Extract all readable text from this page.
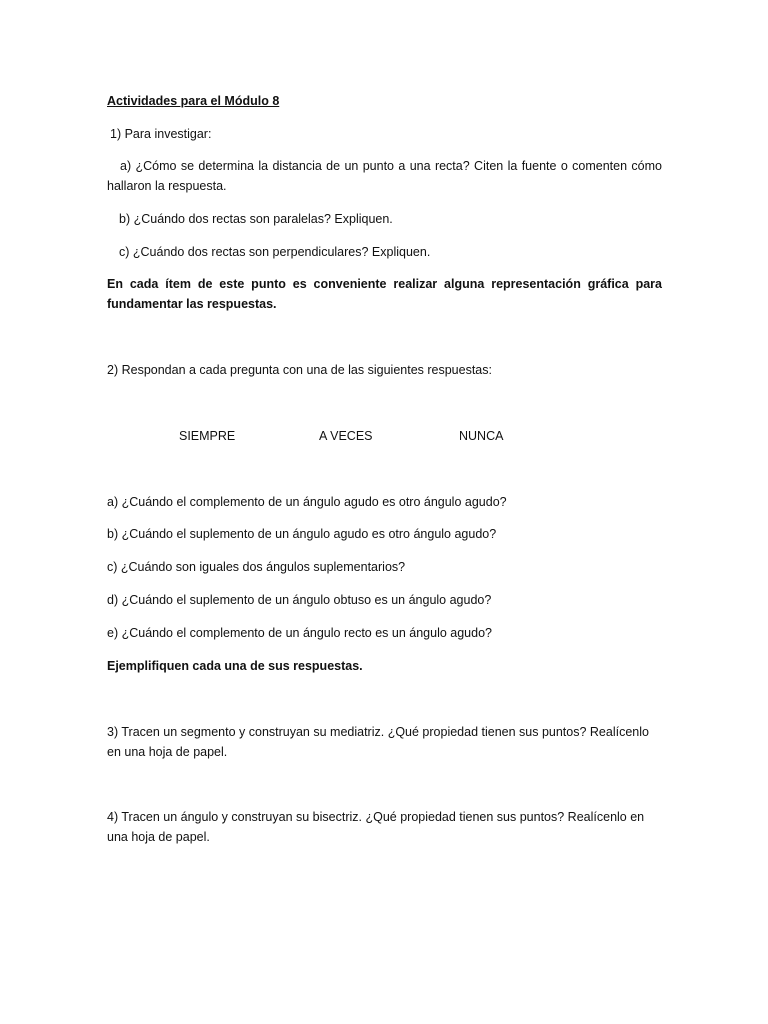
Actividades para el Módulo 8

1) Para investigar:

a) ¿Cómo se determina la distancia de un punto a una recta? Citen la fuente o comenten cómo hallaron la respuesta.

b) ¿Cuándo dos rectas son paralelas? Expliquen.

c) ¿Cuándo dos rectas son perpendiculares? Expliquen.

En cada ítem de este punto es conveniente realizar alguna representación gráfica para fundamentar las respuestas.

2) Respondan a cada pregunta con una de las siguientes respuestas:

SIEMPRE	A VECES	NUNCA

a) ¿Cuándo el complemento de un ángulo agudo es otro ángulo agudo?

b) ¿Cuándo el suplemento de un ángulo agudo es otro ángulo agudo?

c) ¿Cuándo son iguales dos ángulos suplementarios?

d) ¿Cuándo el suplemento de un ángulo obtuso es un ángulo agudo?

e) ¿Cuándo el complemento de un ángulo recto es un ángulo agudo?

Ejemplifiquen cada una de sus respuestas.

3) Tracen un segmento y construyan su mediatriz. ¿Qué propiedad tienen sus puntos? Realícenlo en una hoja de papel.

4) Tracen un ángulo y construyan su bisectriz. ¿Qué propiedad tienen sus puntos? Realícenlo en una hoja de papel.
